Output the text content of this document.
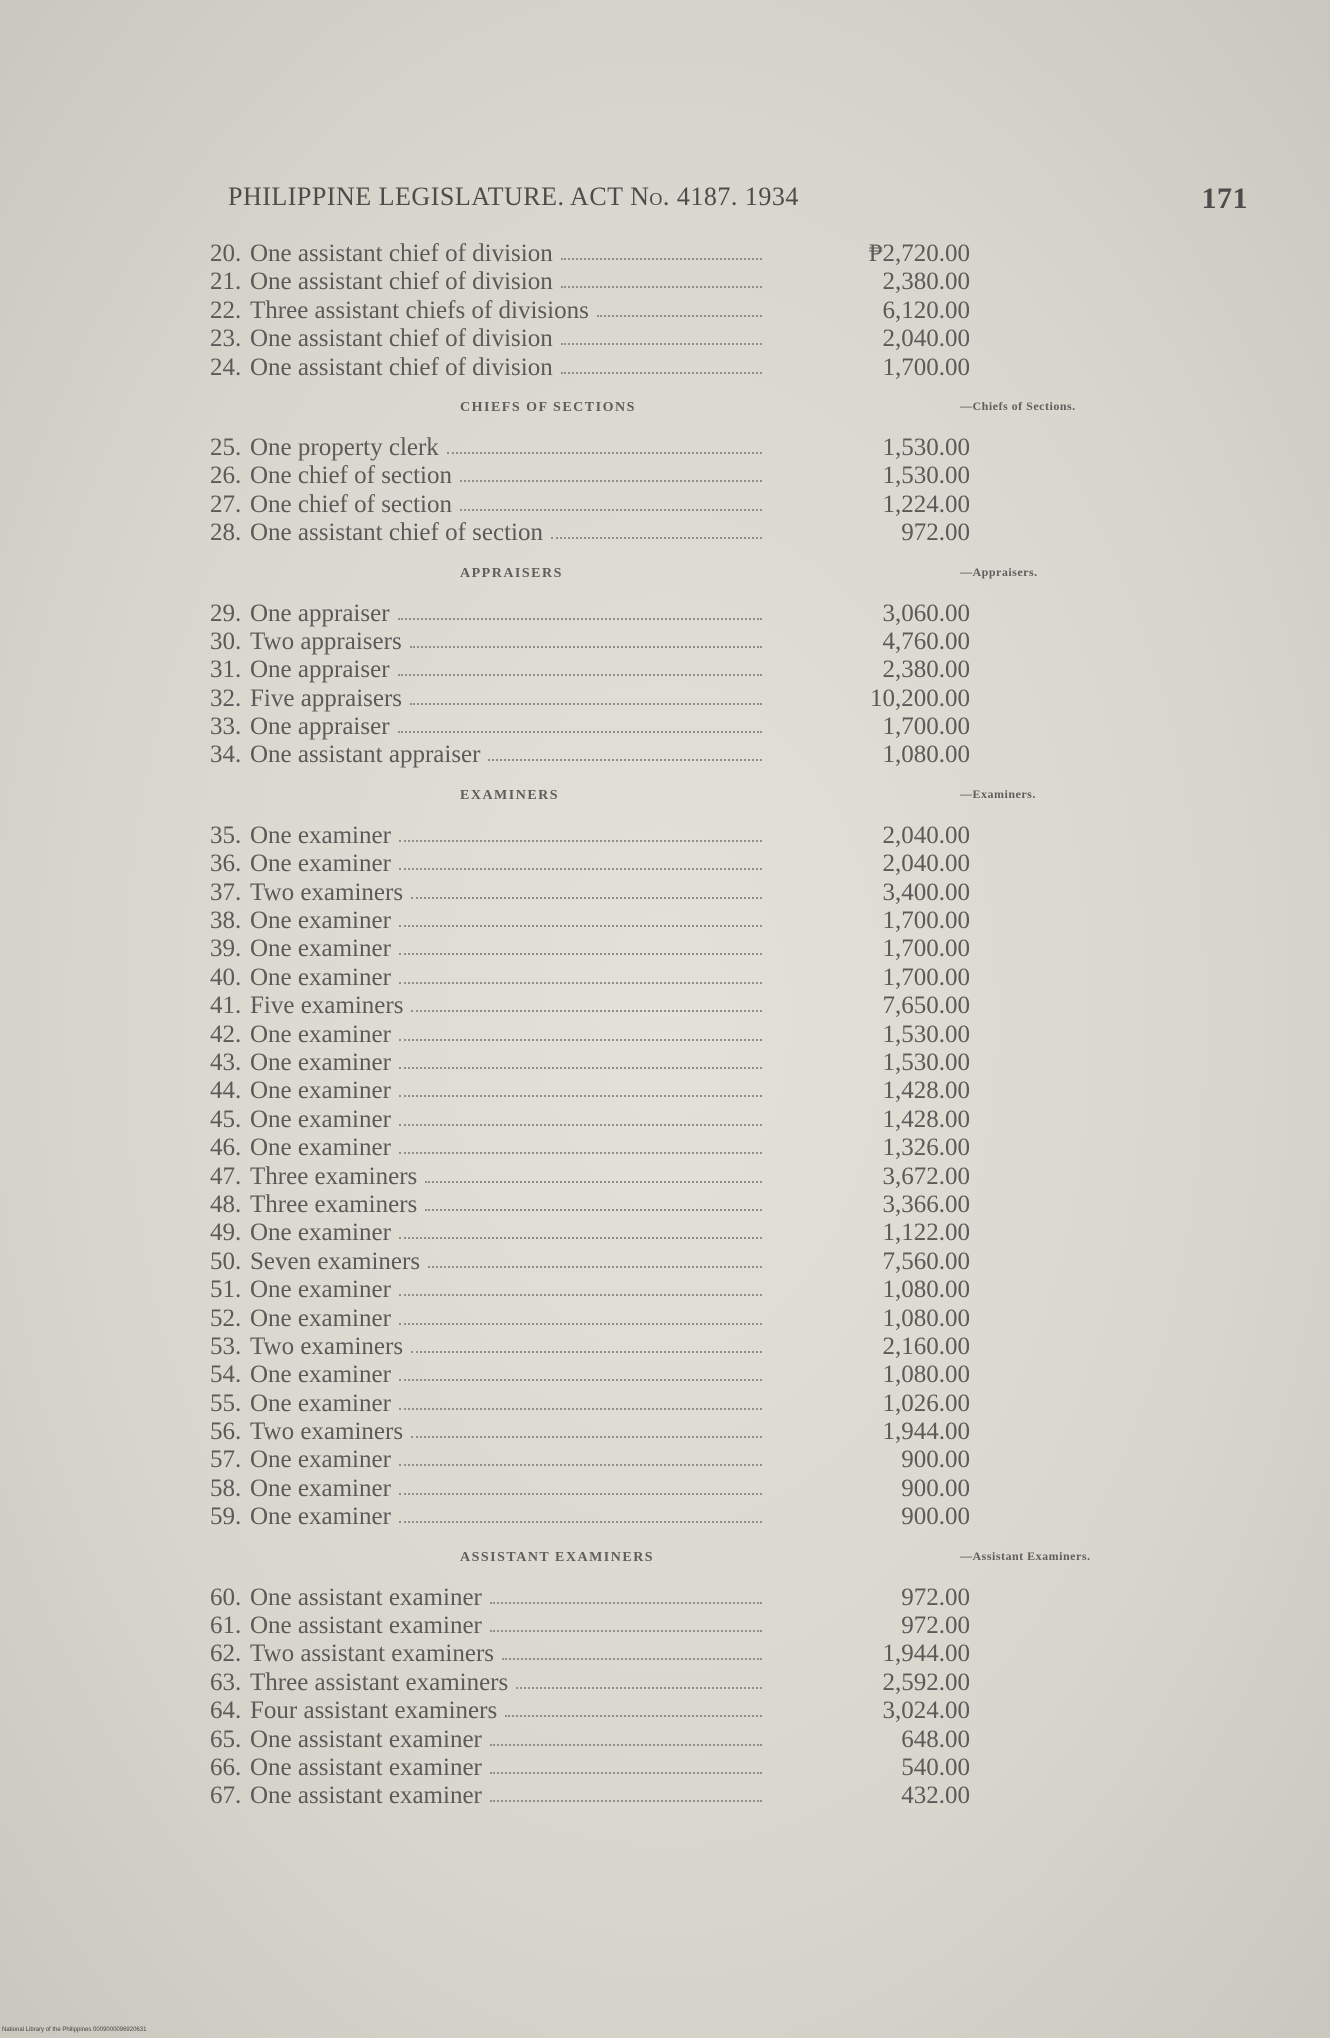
PHILIPPINE LEGISLATURE. ACT No. 4187. 1934	171
20. One assistant chief of division	₱2,720.00
21. One assistant chief of division	2,380.00
22. Three assistant chiefs of divisions	6,120.00
23. One assistant chief of division	2,040.00
24. One assistant chief of division	1,700.00
CHIEFS OF SECTIONS	—Chiefs of Sections.
25. One property clerk	1,530.00
26. One chief of section	1,530.00
27. One chief of section	1,224.00
28. One assistant chief of section	972.00
APPRAISERS	—Appraisers.
29. One appraiser	3,060.00
30. Two appraisers	4,760.00
31. One appraiser	2,380.00
32. Five appraisers	10,200.00
33. One appraiser	1,700.00
34. One assistant appraiser	1,080.00
EXAMINERS	—Examiners.
35. One examiner	2,040.00
36. One examiner	2,040.00
37. Two examiners	3,400.00
38. One examiner	1,700.00
39. One examiner	1,700.00
40. One examiner	1,700.00
41. Five examiners	7,650.00
42. One examiner	1,530.00
43. One examiner	1,530.00
44. One examiner	1,428.00
45. One examiner	1,428.00
46. One examiner	1,326.00
47. Three examiners	3,672.00
48. Three examiners	3,366.00
49. One examiner	1,122.00
50. Seven examiners	7,560.00
51. One examiner	1,080.00
52. One examiner	1,080.00
53. Two examiners	2,160.00
54. One examiner	1,080.00
55. One examiner	1,026.00
56. Two examiners	1,944.00
57. One examiner	900.00
58. One examiner	900.00
59. One examiner	900.00
ASSISTANT EXAMINERS	—Assistant Examiners.
60. One assistant examiner	972.00
61. One assistant examiner	972.00
62. Two assistant examiners	1,944.00
63. Three assistant examiners	2,592.00
64. Four assistant examiners	3,024.00
65. One assistant examiner	648.00
66. One assistant examiner	540.00
67. One assistant examiner	432.00
National Library of the Philippines 0009000096920631
